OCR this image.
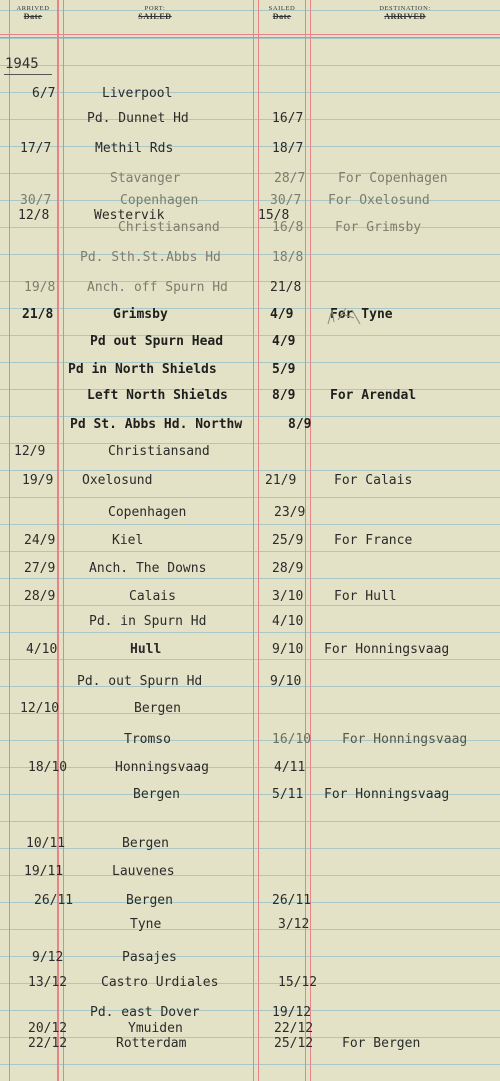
ARRIVED
Date
PORT:
SAILED
SAILED
Date
DESTINATION:
ARRIVED
1945
6/7	Liverpool
Pd. Dunnet Hd	16/7
17/7	Methil Rds	18/7
Stavanger	28/7	For Copenhagen
30/7	Copenhagen	30/7 For Oxelosund
12/8	Westervik	15/8
Christiansand	16/8 For Grimsby
Pd. Sth.St.Abbs Hd	18/8
19/8 Anch. off Spurn Hd	21/8
21/8	Grimsby	4/9	For Tyne
Pd out Spurn Head	4/9
Pd in North Shields	5/9
Left North Shields	8/9	For Arendal
Pd St. Abbs Hd. Northw	8/9
12/9	Christiansand
19/9 Oxelosund	21/9	For Calais
Copenhagen	23/9
24/9	Kiel	25/9 For France
27/9	Anch. The Downs	28/9
28/9	Calais	3/10 For Hull
Pd. in Spurn Hd	4/10
4/10	Hull	9/10 For Honningsvaag
Pd. out Spurn Hd	9/10
12/10	Bergen
Tromso	16/10 For Honningsvaag
18/10	Honningsvaag	4/11
Bergen	5/11 For Honningsvaag
10/11	Bergen
19/11	Lauvenes
26/11	Bergen	26/11
Tyne	3/12
9/12	Pasajes
13/12	Castro Urdiales	15/12
Pd. east Dover	19/12
20/12	Ymuiden	22/12
22/12	Rotterdam	25/12 For Bergen
